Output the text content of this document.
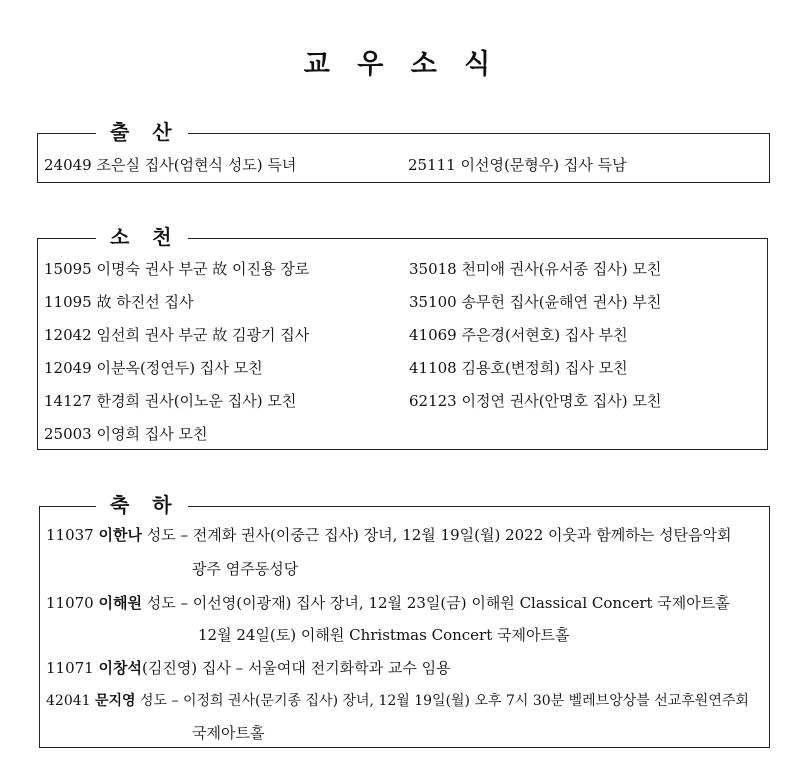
교 우 소 식
출 산
24049 조은실 집사(엄현식 성도) 득녀	25111 이선영(문형우) 집사 득남
소 천
15095 이명숙 권사 부군 故 이진용 장로
11095 故 하진선 집사
12042 임선희 권사 부군 故 김광기 집사
12049 이분옥(정연두) 집사 모친
14127 한경희 권사(이노운 집사) 모친
25003 이영희 집사 모친
35018 천미애 권사(유서종 집사) 모친
35100 송무헌 집사(윤해연 권사) 부친
41069 주은경(서현호) 집사 부친
41108 김용호(변정희) 집사 모친
62123 이정연 권사(안명호 집사) 모친
축 하
11037 이한나 성도 – 전계화 권사(이중근 집사) 장녀, 12월 19일(월) 2022 이웃과 함께하는 성탄음악회
광주 염주동성당
11070 이해원 성도 – 이선영(이광재) 집사 장녀, 12월 23일(금) 이해원 Classical Concert 국제아트홀
12월 24일(토) 이해원 Christmas Concert 국제아트홀
11071 이창석(김진영) 집사 – 서울여대 전기화학과 교수 임용
42041 문지영 성도 – 이정희 권사(문기종 집사) 장녀, 12월 19일(월) 오후 7시 30분 벨레브앙상블 선교후원연주회
국제아트홀
